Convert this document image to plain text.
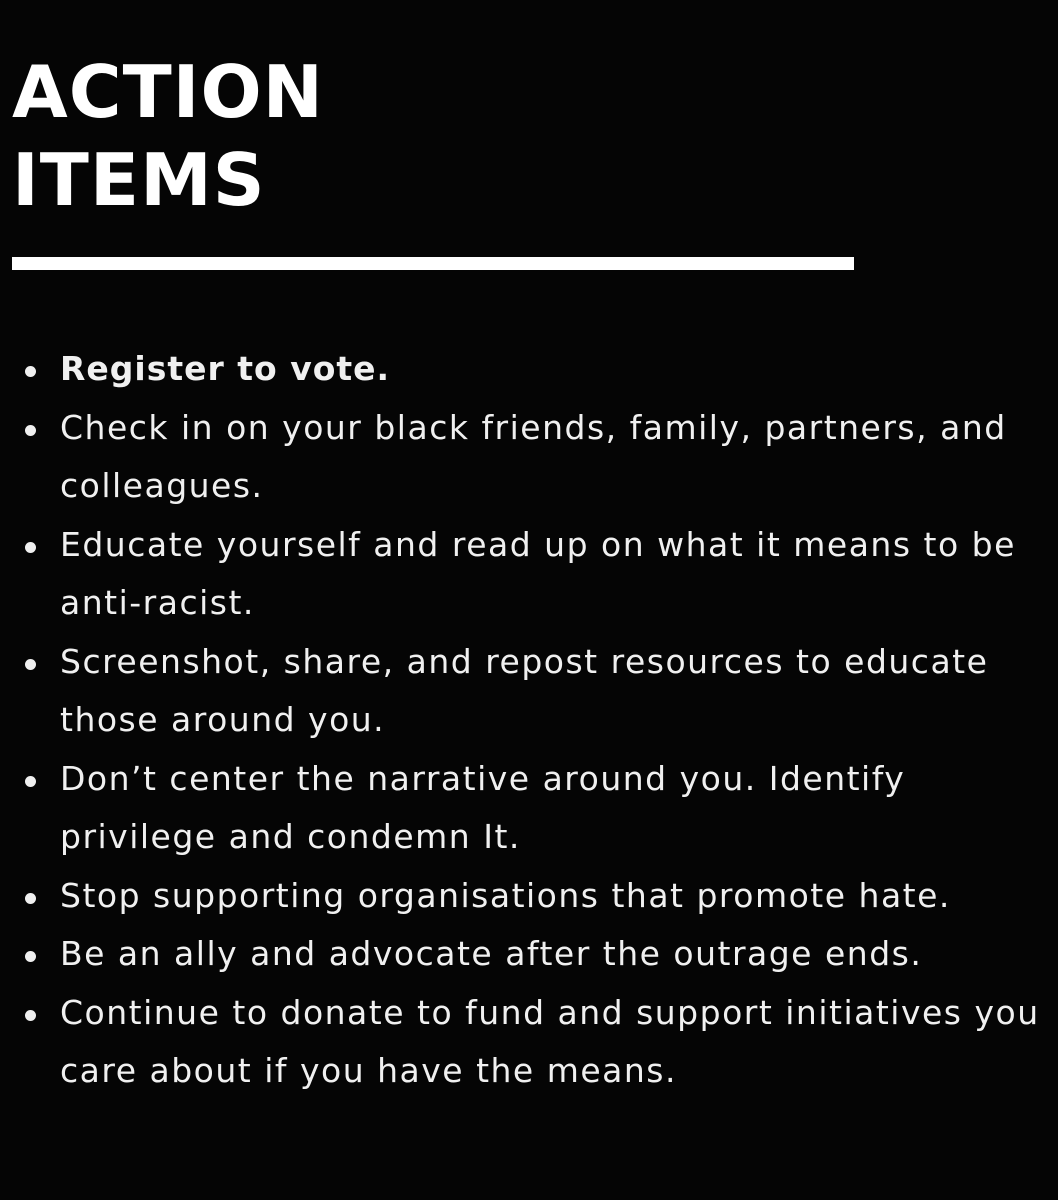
ACTION
ITEMS
Register to vote.
Check in on your black friends, family, partners, and colleagues.
Educate yourself and read up on what it means to be anti-racist.
Screenshot, share, and repost resources to educate those around you.
Don’t center the narrative around you. Identify privilege and condemn It.
Stop supporting organisations that promote hate.
Be an ally and advocate after the outrage ends.
Continue to donate to fund and support initiatives you care about if you have the means.
